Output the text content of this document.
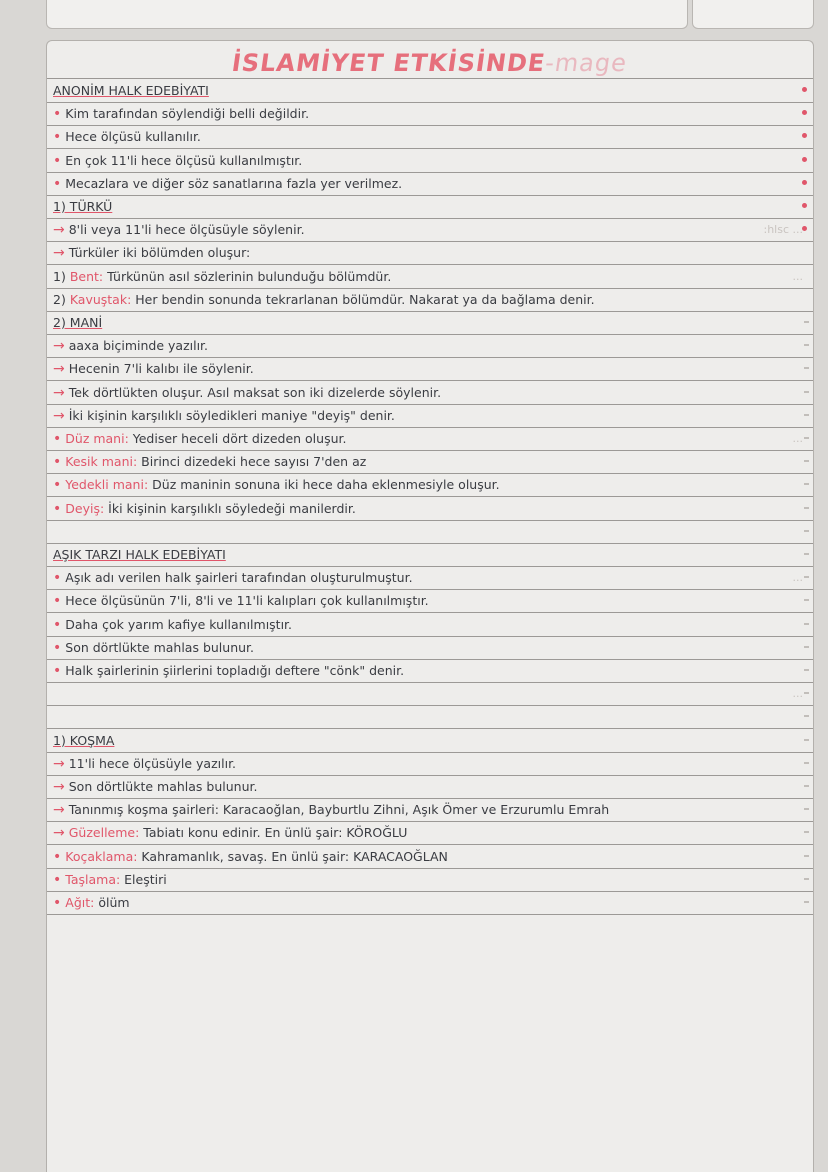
İSLAMİYET ETKİSİNDE-mage
ANONİM HALK EDEBİYATI
• Kim tarafından söylendiği belli değildir.
• Hece ölçüsü kullanılır.
• En çok 11'li hece ölçüsü kullanılmıştır.
• Mecazlara ve diğer söz sanatlarına fazla yer verilmez.
1) TÜRKÜ
→ 8'li veya 11'li hece ölçüsüyle söylenir.	:hlsc ...
→ Türküler iki bölümden oluşur:
1) Bent: Türkünün asıl sözlerinin bulunduğu bölümdür.	...
2) Kavuştak: Her bendin sonunda tekrarlanan bölümdür. Nakarat ya da bağlama denir.
2) MANİ
→ aaxa biçiminde yazılır.
→ Hecenin 7'li kalıbı ile söylenir.
→ Tek dörtlükten oluşur. Asıl maksat son iki dizelerde söylenir.
→ İki kişinin karşılıklı söyledikleri maniye "deyiş" denir.
• Düz mani: Yediser heceli dört dizeden oluşur.	...
• Kesik mani: Birinci dizedeki hece sayısı 7'den az
• Yedekli mani: Düz maninin sonuna iki hece daha eklenmesiyle oluşur.
• Deyiş: İki kişinin karşılıklı söyledeği manilerdir.
AŞIK TARZI HALK EDEBİYATI
• Aşık adı verilen halk şairleri tarafından oluşturulmuştur.	...
• Hece ölçüsünün 7'li, 8'li ve 11'li kalıpları çok kullanılmıştır.
• Daha çok yarım kafiye kullanılmıştır.
• Son dörtlükte mahlas bulunur.
• Halk şairlerinin şiirlerini topladığı deftere "cönk" denir.
...
1) KOŞMA
→ 11'li hece ölçüsüyle yazılır.
→ Son dörtlükte mahlas bulunur.
→ Tanınmış koşma şairleri: Karacaoğlan, Bayburtlu Zihni, Aşık Ömer ve Erzurumlu Emrah
→ Güzelleme: Tabiatı konu edinir. En ünlü şair: KÖROĞLU
• Koçaklama: Kahramanlık, savaş. En ünlü şair: KARACAOĞLAN
• Taşlama: Eleştiri
• Ağıt: ölüm
